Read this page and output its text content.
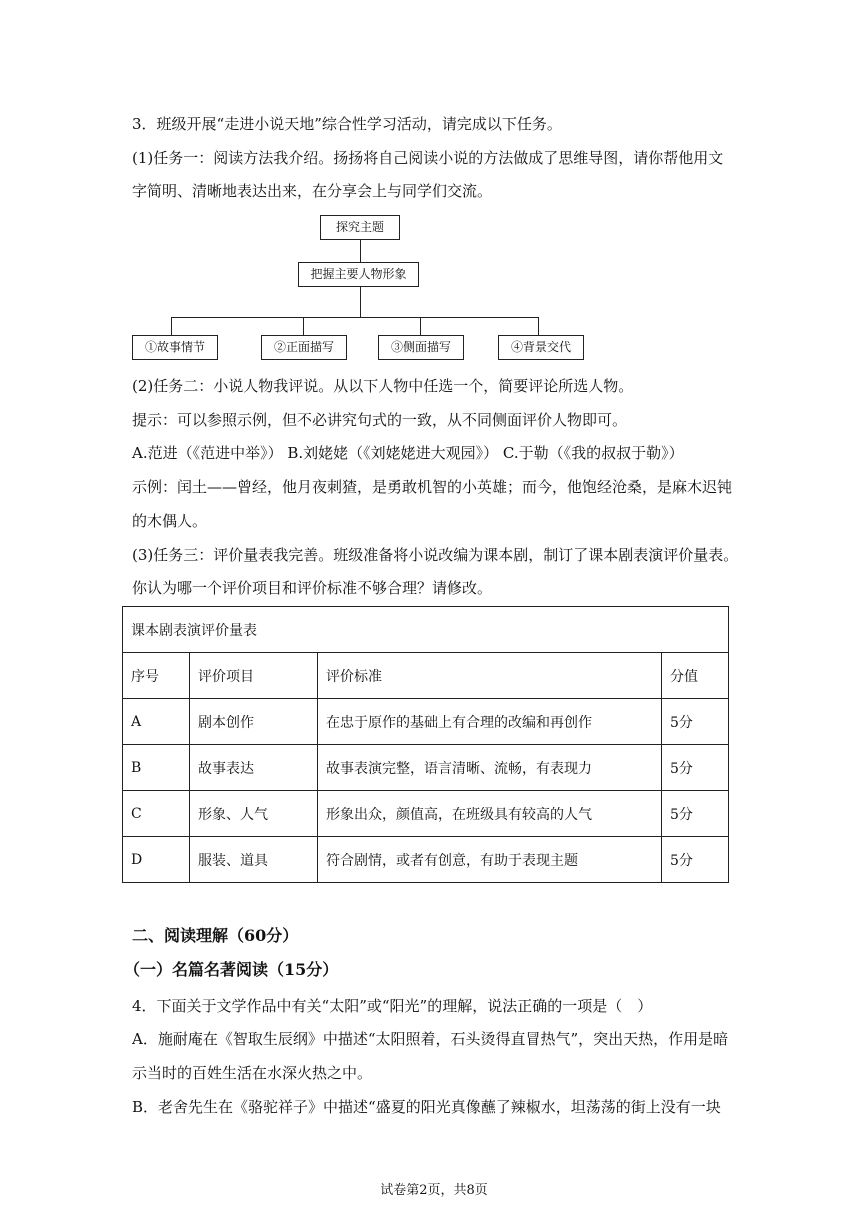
3．班级开展“走进小说天地”综合性学习活动，请完成以下任务。
(1)任务一：阅读方法我介绍。扬扬将自己阅读小说的方法做成了思维导图，请你帮他用文
字简明、清晰地表达出来，在分享会上与同学们交流。
探究主题
把握主要人物形象
①故事情节	②正面描写	③侧面描写	④背景交代
(2)任务二：小说人物我评说。从以下人物中任选一个，简要评论所选人物。
提示：可以参照示例，但不必讲究句式的一致，从不同侧面评价人物即可。
A.范进（《范进中举》） B.刘姥姥（《刘姥姥进大观园》） C.于勒（《我的叔叔于勒》）
示例：闰土——曾经，他月夜刺猹，是勇敢机智的小英雄；而今，他饱经沧桑，是麻木迟钝
的木偶人。
(3)任务三：评价量表我完善。班级准备将小说改编为课本剧，制订了课本剧表演评价量表。
你认为哪一个评价项目和评价标准不够合理？请修改。
课本剧表演评价量表			
序号	评价项目	评价标准	分值
A	剧本创作	在忠于原作的基础上有合理的改编和再创作	5分
B	故事表达	故事表演完整，语言清晰、流畅，有表现力	5分
C	形象、人气	形象出众，颜值高，在班级具有较高的人气	5分
D	服装、道具	符合剧情，或者有创意，有助于表现主题	5分
二、阅读理解（60分）
（一）名篇名著阅读（15分）
4．下面关于文学作品中有关“太阳”或“阳光”的理解，说法正确的一项是（　）
A．施耐庵在《智取生辰纲》中描述“太阳照着，石头烫得直冒热气”，突出天热，作用是暗
示当时的百姓生活在水深火热之中。
B．老舍先生在《骆驼祥子》中描述“盛夏的阳光真像蘸了辣椒水，坦荡荡的街上没有一块
试卷第2页，共8页
